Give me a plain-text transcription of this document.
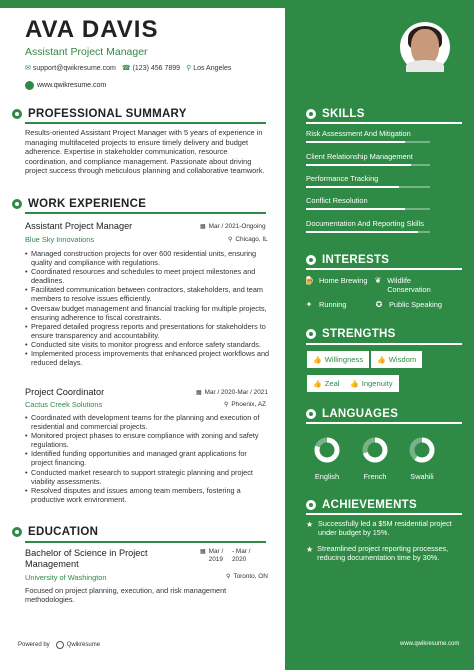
AVA DAVIS
Assistant Project Manager
✉ support@qwikresume.com ☎ (123) 456 7899 ⚲ Los Angeles
www.qwikresume.com
PROFESSIONAL SUMMARY
Results-oriented Assistant Project Manager with 5 years of experience in managing multifaceted projects to ensure timely delivery and budget adherence. Expertise in stakeholder communication, resource coordination, and compliance management. Passionate about driving project success through meticulous planning and collaborative teamwork.
WORK EXPERIENCE
Assistant Project Manager
Blue Sky Innovations
▦ Mar / 2021-Ongoing
⚲ Chicago, IL
• Managed construction projects for over 600 residential units, ensuring quality and compliance with regulations.
• Coordinated resources and schedules to meet project milestones and deadlines.
• Facilitated communication between contractors, stakeholders, and team members to resolve issues efficiently.
• Oversaw budget management and financial tracking for multiple projects, ensuring adherence to fiscal constraints.
• Prepared detailed progress reports and presentations for stakeholders to ensure transparency and accountability.
• Conducted site visits to monitor progress and enforce safety standards.
• Implemented process improvements that enhanced project workflows and reduced delays.
Project Coordinator
Cactus Creek Solutions
▦ Mar / 2020-Mar / 2021
⚲ Phoenix, AZ
• Coordinated with development teams for the planning and execution of residential and commercial projects.
• Monitored project phases to ensure compliance with zoning and safety regulations.
• Identified funding opportunities and managed grant applications for project financing.
• Conducted market research to support strategic planning and project viability assessments.
• Resolved disputes and issues among team members, fostering a productive work environment.
EDUCATION
Bachelor of Science in Project Management
University of Washington
▦ Mar /
2019
- Mar /
2020
⚲ Toronto, ON
Focused on project planning, execution, and risk management methodologies.
Powered by	Qwikresume	www.qwikresume.com
SKILLS
Risk Assessment And Mitigation
Client Relationship Management
Performance Tracking
Conflict Resolution
Documentation And Reporting Skills
INTERESTS
🍺 Home Brewing ❦ Wildlife Conservation
✦ Running	✪ Public Speaking
STRENGTHS
👍 Willingness 👍 Wisdom
👍 Zeal 👍 Ingenuity
LANGUAGES
English	French	Swahili
ACHIEVEMENTS
★ Successfully led a $5M residential project under budget by 15%.
★ Streamlined project reporting processes, reducing documentation time by 30%.
